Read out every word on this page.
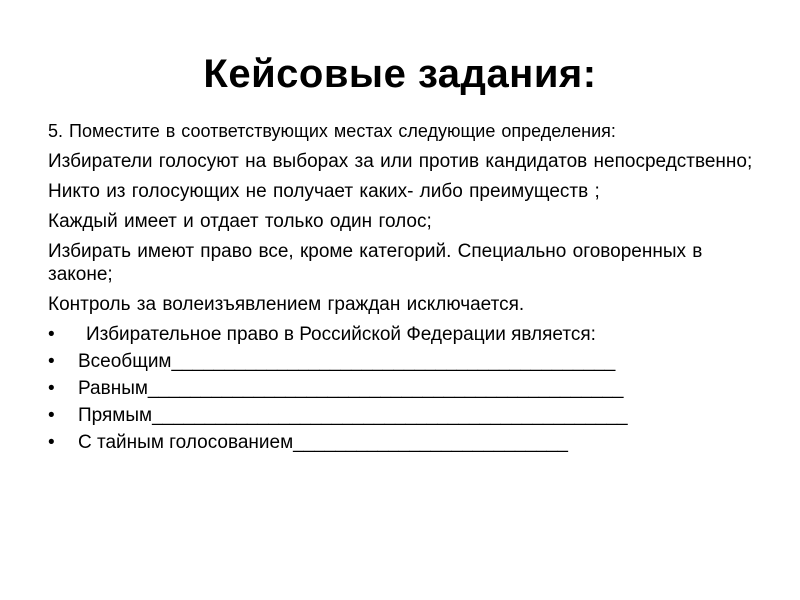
Кейсовые задания:

5. Поместите в соответствующих местах следующие определения:

Избиратели голосуют на выборах за или против кандидатов непосредственно;

Никто из голосующих не получает каких- либо преимуществ ;

Каждый имеет и отдает только один голос;

Избирать имеют право все, кроме категорий. Специально оговоренных в законе;

Контроль за волеизъявлением граждан исключается.

•	Избирательное право в Российской Федерации является:
•	Всеобщим__________________________________________
•	Равным_____________________________________________
•	Прямым_____________________________________________
•	С тайным голосованием__________________________
